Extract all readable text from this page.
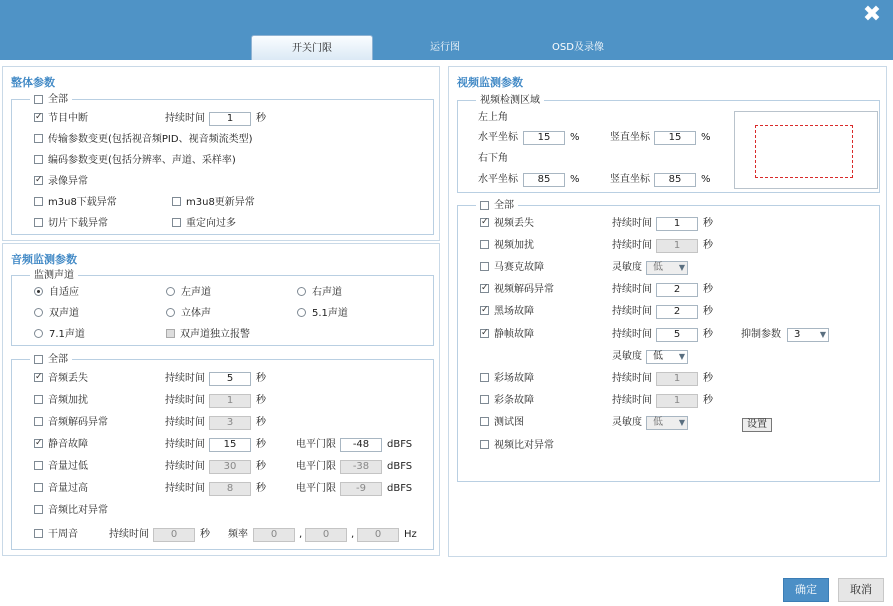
✖
开关门限	运行图	OSD及录像
整体参数
全部
✓节目中断	持续时间	1	秒
传输参数变更(包括视音频PID、视音频流类型)
编码参数变更(包括分辨率、声道、采样率)
✓录像异常
m3u8下载异常	m3u8更新异常
切片下载异常	重定向过多
音频监测参数
监测声道
自适应	左声道	右声道
双声道	立体声	5.1声道
7.1声道	双声道独立报警
全部
✓音频丢失	持续时间	5	秒
音频加扰	持续时间	1	秒
音频解码异常	持续时间	3	秒
✓静音故障	持续时间	15	秒	电平门限	-48	dBFS
音量过低	持续时间	30	秒	电平门限	-38	dBFS
音量过高	持续时间	8	秒	电平门限	-9	dBFS
音频比对异常
干周音	持续时间	0	秒 频率	0	,	0	,	0	Hz
视频监测参数
视频检测区域
左上角
水平坐标	15	%	竖直坐标	15	%
右下角
水平坐标	85	%	竖直坐标	85	%
全部
✓视频丢失	持续时间	1	秒
视频加扰	持续时间	1	秒
马赛克故障	灵敏度	低 ▼
✓视频解码异常	持续时间	2	秒
✓黑场故障	持续时间	2	秒
✓静帧故障	持续时间	5	秒	抑制参数	3 ▼
灵敏度	低 ▼
彩场故障	持续时间	1	秒
彩条故障	持续时间	1	秒
测试图	灵敏度	低 ▼	设置
视频比对异常
确定	取消
